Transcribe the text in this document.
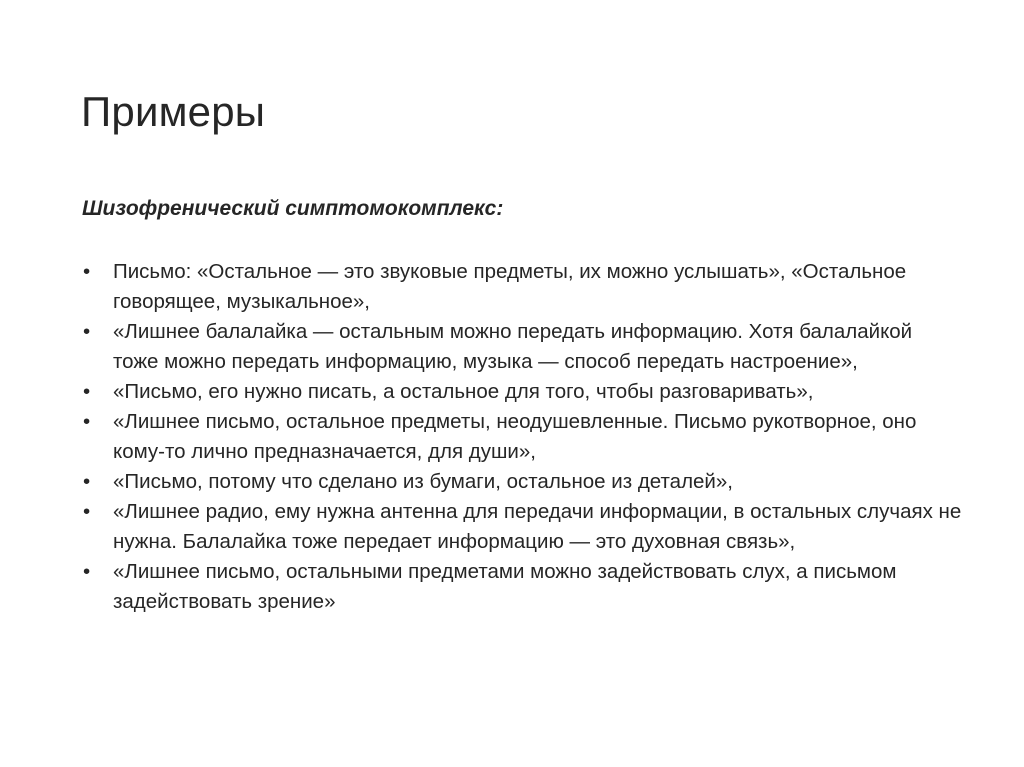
Примеры

Шизофренический симптомокомплекс:

•
Письмо: «Остальное — это звуковые предметы, их можно услышать», «Остальное говорящее, музыкальное»,
•
«Лишнее балалайка — остальным можно передать информацию. Хотя балалайкой тоже можно передать информацию, музыка — способ передать настроение»,
•
«Письмо, его нужно писать, а остальное для того, чтобы разговаривать»,
•
«Лишнее письмо, остальное предметы, неодушевленные. Письмо рукотворное, оно кому-то лично предназначается, для души»,
•
«Письмо, потому что сделано из бумаги, остальное из деталей»,
•
«Лишнее радио, ему нужна антенна для передачи информации, в остальных случаях не нужна. Балалайка тоже передает информацию — это духовная связь»,
•
«Лишнее письмо, остальными предметами можно задействовать слух, а письмом задействовать зрение»
